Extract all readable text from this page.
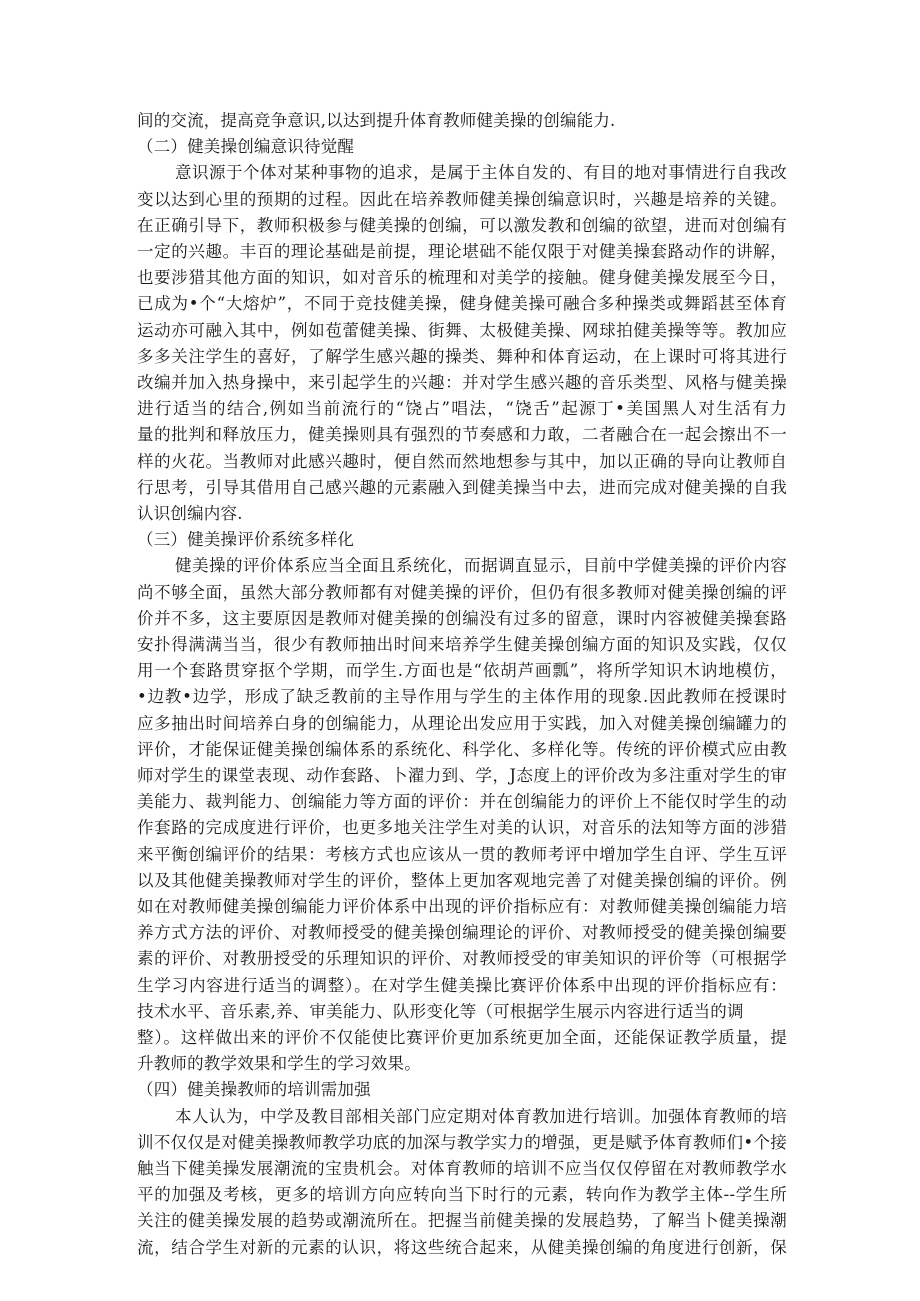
间的交流，提高竞争意识,以达到提升体育教师健美操的创编能力.
（二）健美操创编意识待觉醒
意识源于个体对某种事物的追求，是属于主体自发的、有目的地对事情进行自我改
变以达到心里的预期的过程。因此在培养教师健美操创编意识时，兴趣是培养的关键。
在正确引导下，教师积极参与健美操的创编，可以激发教和创编的欲望，进而对创编有
一定的兴趣。丰百的理论基础是前提，理论堪础不能仅限于对健美操套路动作的讲解，
也要涉猎其他方面的知识，如对音乐的梳理和对美学的接触。健身健美操发展至今日，
已成为•个“大熔炉”，不同于竞技健美操，健身健美操可融合多种操类或舞蹈甚至体育
运动亦可融入其中，例如苞蕾健美操、街舞、太极健美操、网球拍健美操等等。教加应
多多关注学生的喜好，了解学生感兴趣的操类、舞种和体育运动，在上课时可将其进行
改编并加入热身操中，来引起学生的兴趣：并对学生感兴趣的音乐类型、风格与健美操
进行适当的结合,例如当前流行的“饶占”唱法，“饶舌”起源丁•美国黑人对生活有力
量的批判和释放压力，健美操则具有强烈的节奏感和力敢，二者融合在一起会擦出不一
样的火花。当教师对此感兴趣时，便自然而然地想参与其中，加以正确的导向让教师自
行思考，引导其借用自己感兴趣的元素融入到健美操当中去，进而完成对健美操的自我
认识创编内容.
（三）健美操评价系统多样化
健美操的评价体系应当全面且系统化，而据调直显示，目前中学健美操的评价内容
尚不够全面，虽然大部分教师都有对健美操的评价，但仍有很多教师对健美操创编的评
价并不多，这主要原因是教师对健美操的创编没有过多的留意，课时内容被健美操套路
安扑得满满当当，很少有教师抽出时间来培养学生健美操创编方面的知识及实践，仅仅
用一个套路贯穿抠个学期，而学生.方面也是“依胡芦画瓢”，将所学知识木讷地模仿，
•边教•边学，形成了缺乏教前的主导作用与学生的主体作用的现象.因此教师在授课时
应多抽出时间培养白身的创编能力，从理论出发应用于实践，加入对健美操创编罐力的
评价，才能保证健美操创编体系的系统化、科学化、多样化等。传统的评价模式应由教
师对学生的课堂表现、动作套路、卜濯力到、学，J态度上的评价改为多注重对学生的审
美能力、裁判能力、创编能力等方面的评价：并在创编能力的评价上不能仅时学生的动
作套路的完成度进行评价，也更多地关注学生对美的认识，对音乐的法知等方面的涉猎
来平衡创编评价的结果：考核方式也应该从一贯的教师考评中增加学生自评、学生互评
以及其他健美操教师对学生的评价，整体上更加客观地完善了对健美操创编的评价。例
如在对教师健美操创编能力评价体系中出现的评价指标应有：对教师健美操创编能力培
养方式方法的评价、对教师授受的健美操创编理论的评价、对教师授受的健美操创编要
素的评价、对教册授受的乐理知识的评价、对教师授受的审美知识的评价等（可根据学
生学习内容进行适当的调整）。在对学生健美操比赛评价体系中出现的评价指标应有：
技术水平、音乐素,养、审美能力、队形变化等（可根据学生展示内容进行适当的调
整）。这样做出来的评价不仅能使比赛评价更加系统更加全面，还能保证教学质量，提
升教师的教学效果和学生的学习效果。
（四）健美操教师的培训需加强
本人认为，中学及教目部相关部门应定期对体育教加进行培训。加强体育教师的培
训不仅仅是对健美操教师教学功底的加深与教学实力的增强，更是赋予体育教师们•个接
触当下健美操发展潮流的宝贵机会。对体育教师的培训不应当仅仅停留在对教师教学水
平的加强及考核，更多的培训方向应转向当下时行的元素，转向作为教学主体--学生所
关注的健美操发展的趋势或潮流所在。把握当前健美操的发展趋势，了解当卜健美操潮
流，结合学生对新的元素的认识，将这些统合起来，从健美操创编的角度进行创新，保
